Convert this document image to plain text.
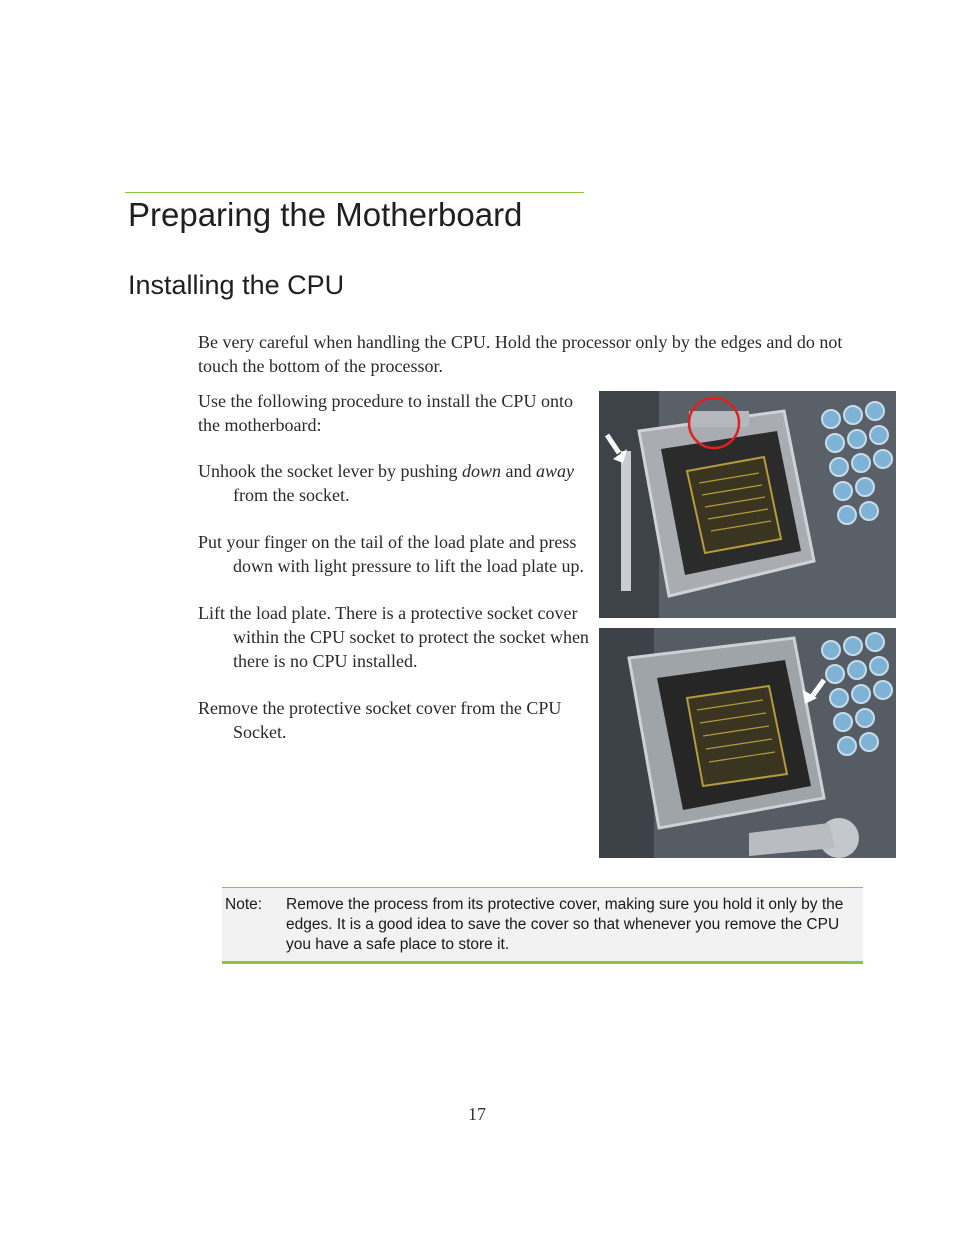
Preparing the Motherboard
Installing the CPU
Be very careful when handling the CPU. Hold the processor only by the edges and do not touch the bottom of the processor.

Use the following procedure to install the CPU onto the motherboard:

Unhook the socket lever by pushing down and away from the socket.

Put your finger on the tail of the load plate and press down with light pressure to lift the load plate up.

Lift the load plate. There is a protective socket cover within the CPU socket to protect the socket when there is no CPU installed.

Remove the protective socket cover from the CPU Socket.

Note: Remove the process from its protective cover, making sure you hold it only by the edges. It is a good idea to save the cover so that whenever you remove the CPU you have a safe place to store it.
17
